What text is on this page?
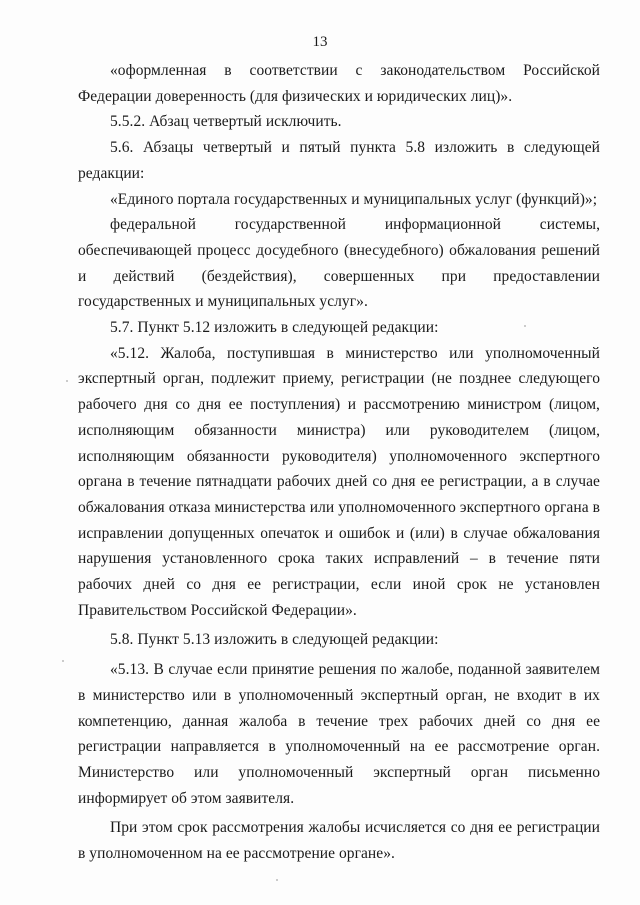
13

«оформленная в соответствии с законодательством Российской Федерации доверенность (для физических и юридических лиц)».

5.5.2. Абзац четвертый исключить.

5.6. Абзацы четвертый и пятый пункта 5.8 изложить в следующей редакции:

«Единого портала государственных и муниципальных услуг (функций)»;

федеральной государственной информационной системы, обеспечивающей процесс досудебного (внесудебного) обжалования решений и действий (бездействия), совершенных при предоставлении государственных и муниципальных услуг».

5.7. Пункт 5.12 изложить в следующей редакции:

«5.12. Жалоба, поступившая в министерство или уполномоченный экспертный орган, подлежит приему, регистрации (не позднее следующего рабочего дня со дня ее поступления) и рассмотрению министром (лицом, исполняющим обязанности министра) или руководителем (лицом, исполняющим обязанности руководителя) уполномоченного экспертного органа в течение пятнадцати рабочих дней со дня ее регистрации, а в случае обжалования отказа министерства или уполномоченного экспертного органа в исправлении допущенных опечаток и ошибок и (или) в случае обжалования нарушения установленного срока таких исправлений – в течение пяти рабочих дней со дня ее регистрации, если иной срок не установлен Правительством Российской Федерации».

5.8. Пункт 5.13 изложить в следующей редакции:

«5.13. В случае если принятие решения по жалобе, поданной заявителем в министерство или в уполномоченный экспертный орган, не входит в их компетенцию, данная жалоба в течение трех рабочих дней со дня ее регистрации направляется в уполномоченный на ее рассмотрение орган. Министерство или уполномоченный экспертный орган письменно информирует об этом заявителя.

При этом срок рассмотрения жалобы исчисляется со дня ее регистрации в уполномоченном на ее рассмотрение органе».
